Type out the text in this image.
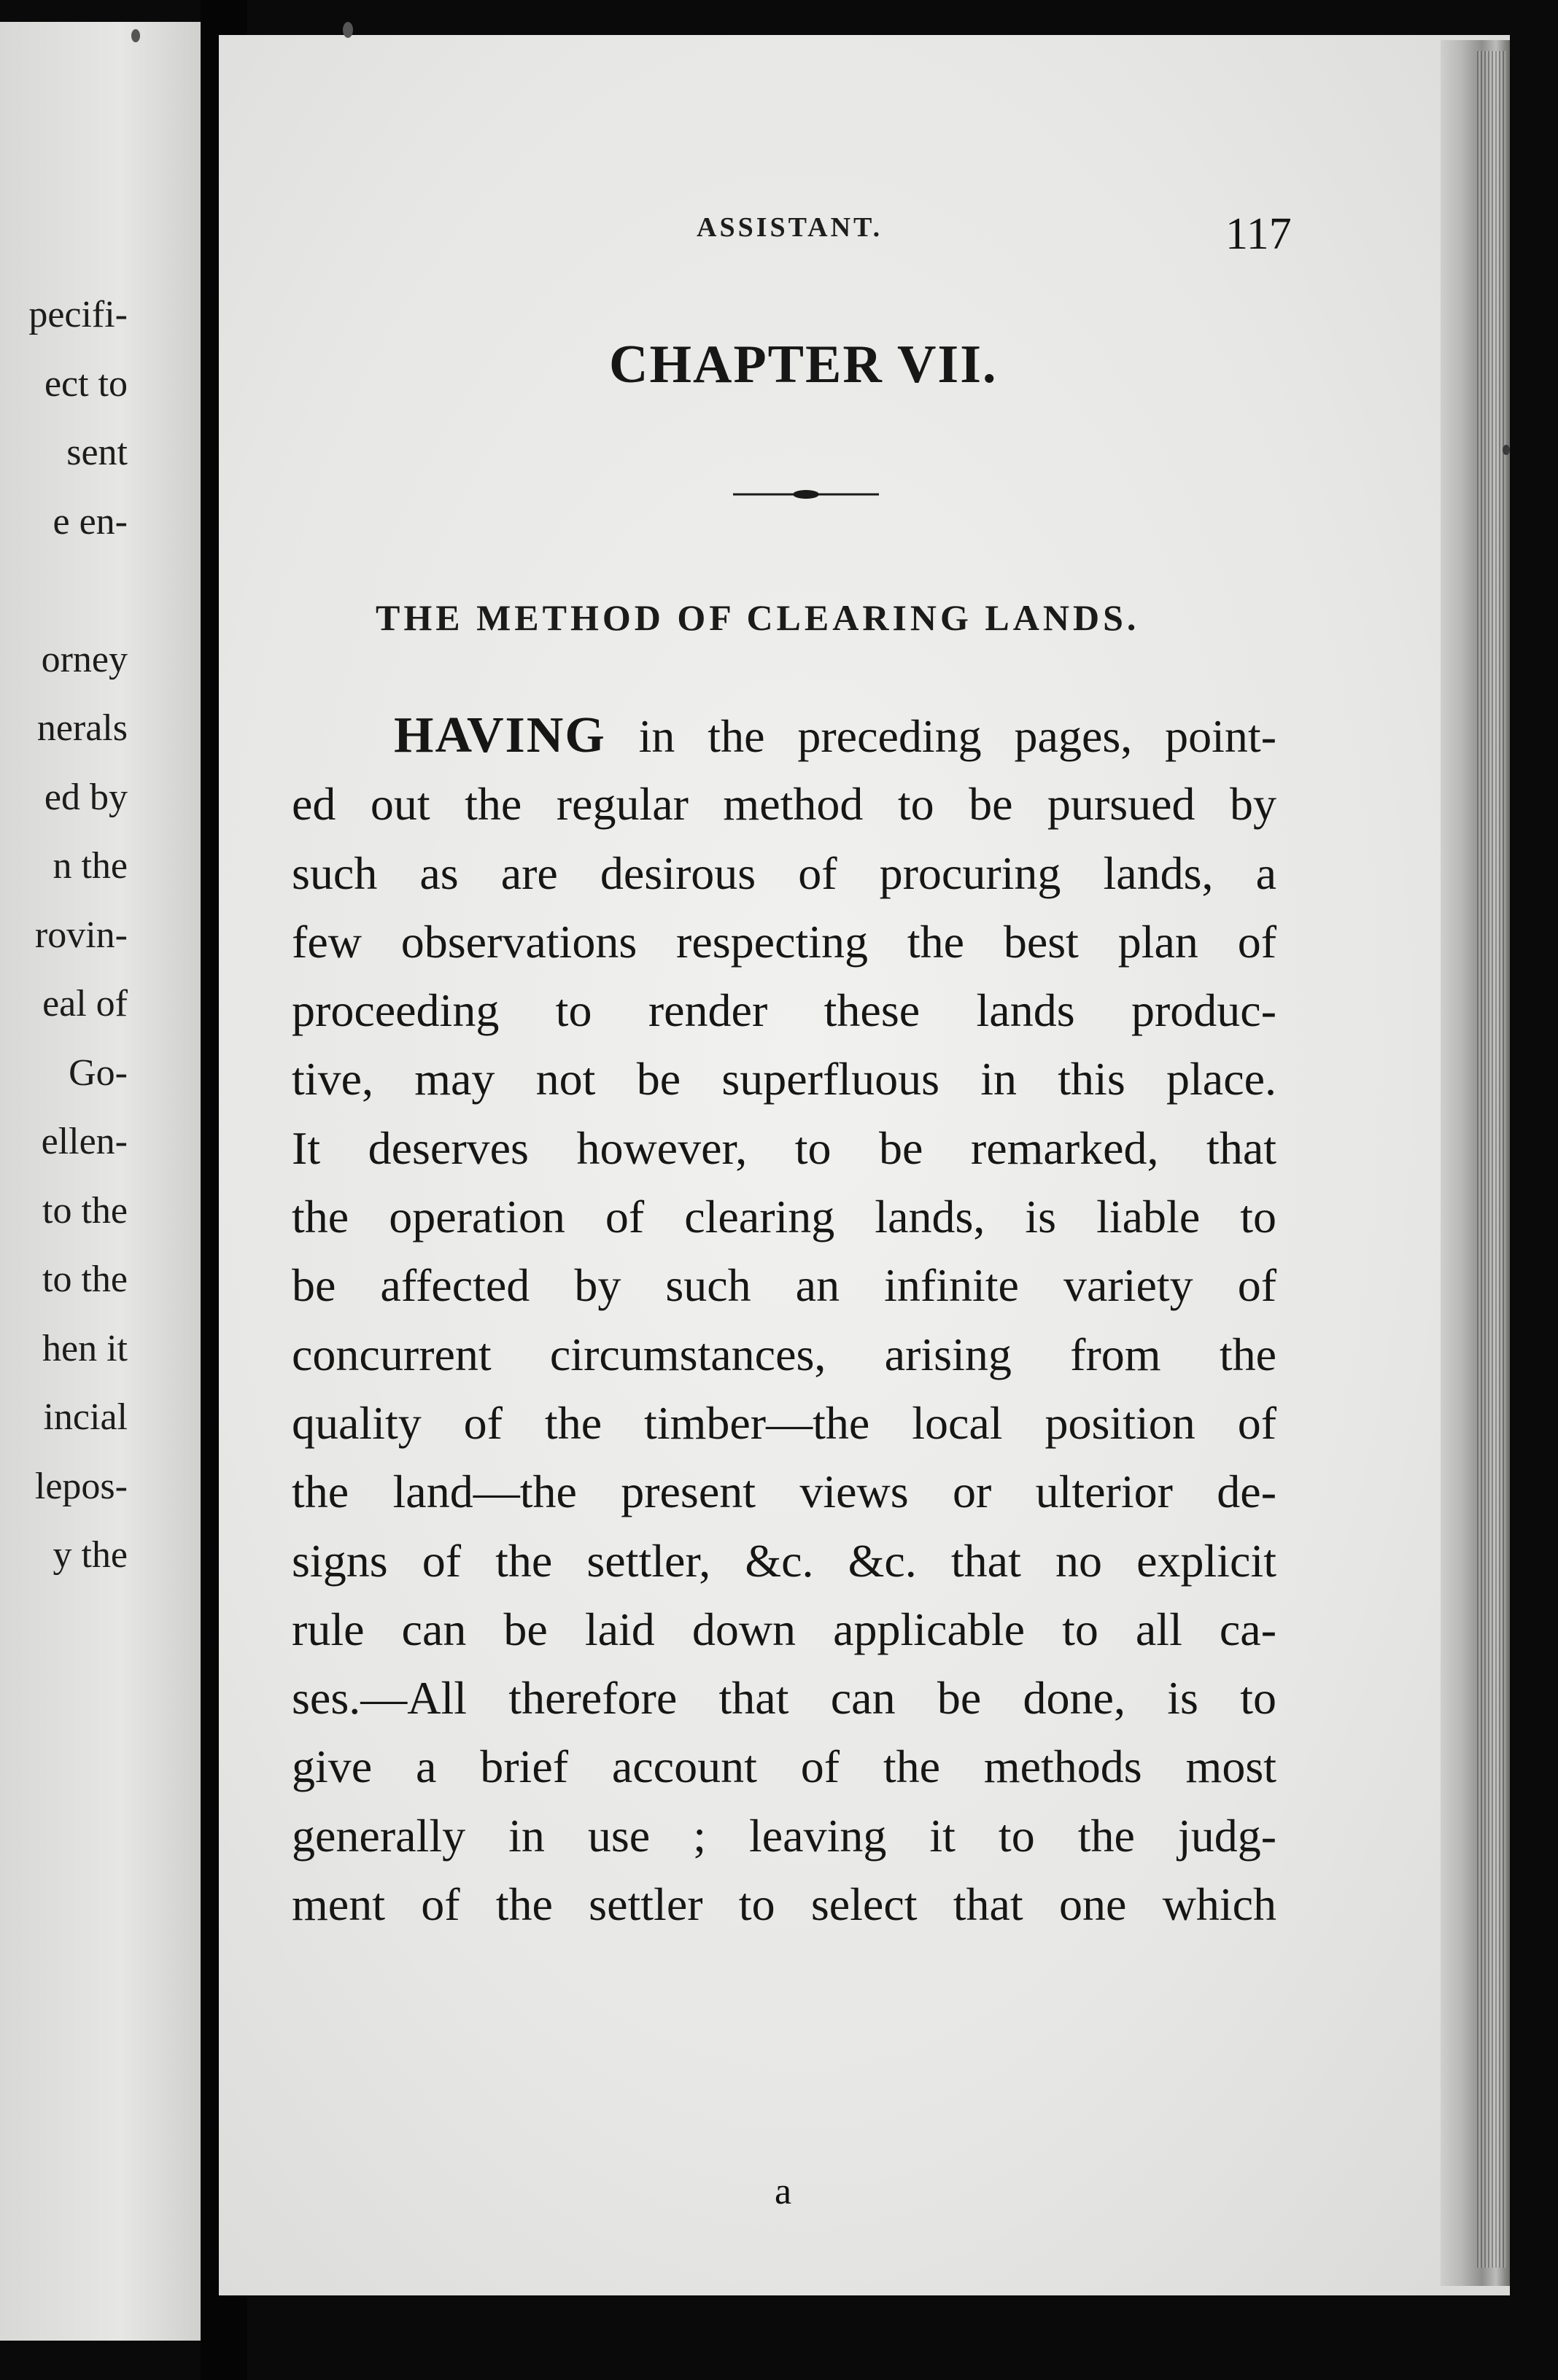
pecifi-
ect to
sent
e en-
orney
nerals
ed by
n the
rovin-
eal of
Go-
ellen-
to the
to the
hen it
incial
lepos-
y the
ASSISTANT.	117
CHAPTER VII.
THE METHOD OF CLEARING LANDS.
HAVING in the preceding pages, point-
ed out the regular method to be pursued by
such as are desirous of procuring lands, a
few observations respecting the best plan of
proceeding to render these lands produc-
tive, may not be superfluous in this place.
It deserves however, to be remarked, that
the operation of clearing lands, is liable to
be affected by such an infinite variety of
concurrent circumstances, arising from the
quality of the timber—the local position of
the land—the present views or ulterior de-
signs of the settler, &c. &c. that no explicit
rule can be laid down applicable to all ca-
ses.—All therefore that can be done, is to
give a brief account of the methods most
generally in use ; leaving it to the judg-
ment of the settler to select that one which
a
